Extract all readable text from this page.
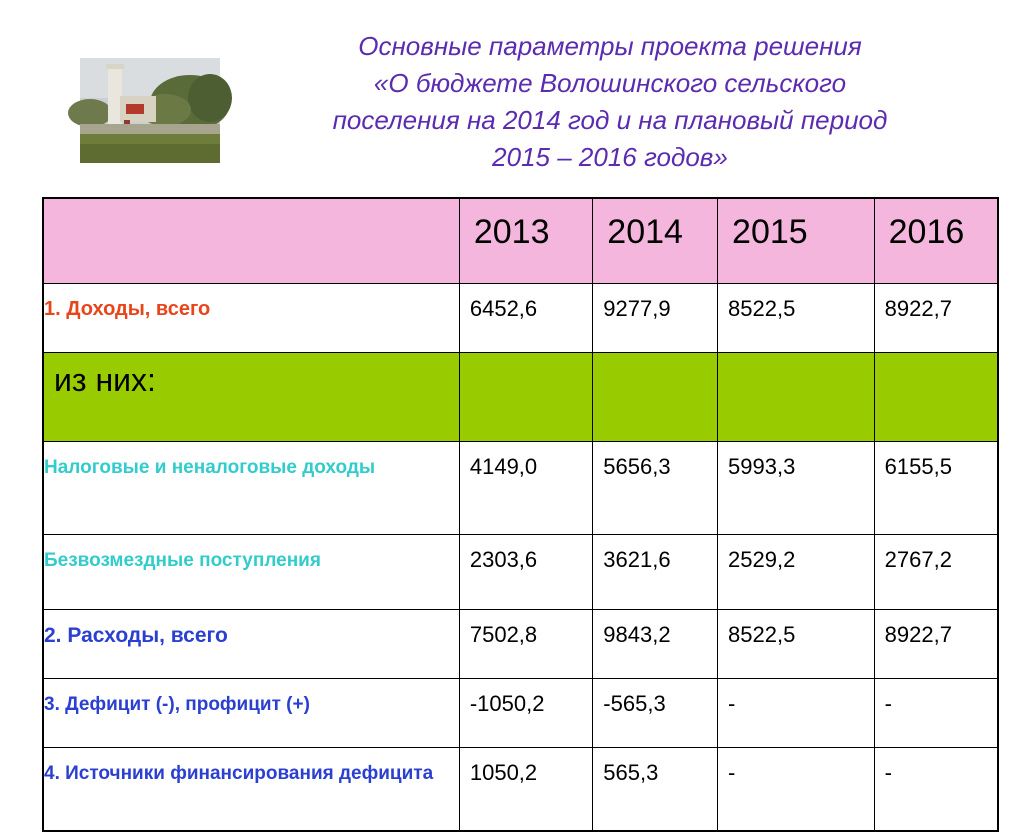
Основные параметры проекта решения
«О бюджете Волошинского сельского
поселения на 2014 год и на плановый период
2015 – 2016 годов»
	2013	2014	2015	2016
1. Доходы, всего	6452,6	9277,9	8522,5	8922,7
из них:				
Налоговые и неналоговые доходы	4149,0	5656,3	5993,3	6155,5
Безвозмездные поступления	2303,6	3621,6	2529,2	2767,2
2. Расходы, всего	7502,8	9843,2	8522,5	8922,7
3. Дефицит (-), профицит (+)	-1050,2	-565,3	-	-
4. Источники финансирования дефицита	1050,2	565,3	-	-
